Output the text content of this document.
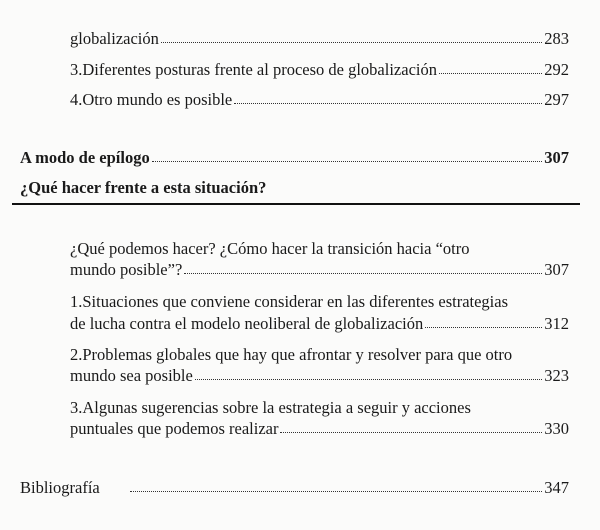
globalización	283
3.Diferentes posturas frente al proceso de globalización	292
4.Otro mundo es posible	297
A modo de epílogo	307
¿Qué hacer frente a esta situación?
¿Qué podemos hacer? ¿Cómo hacer la transición hacia “otro
mundo posible”?	307
1.Situaciones que conviene considerar en las diferentes estrategias
de lucha contra el modelo neoliberal de globalización	312
2.Problemas globales que hay que afrontar y resolver para que otro
mundo sea posible	323
3.Algunas sugerencias sobre la estrategia a seguir y acciones
puntuales que podemos realizar	330
Bibliografía	347
